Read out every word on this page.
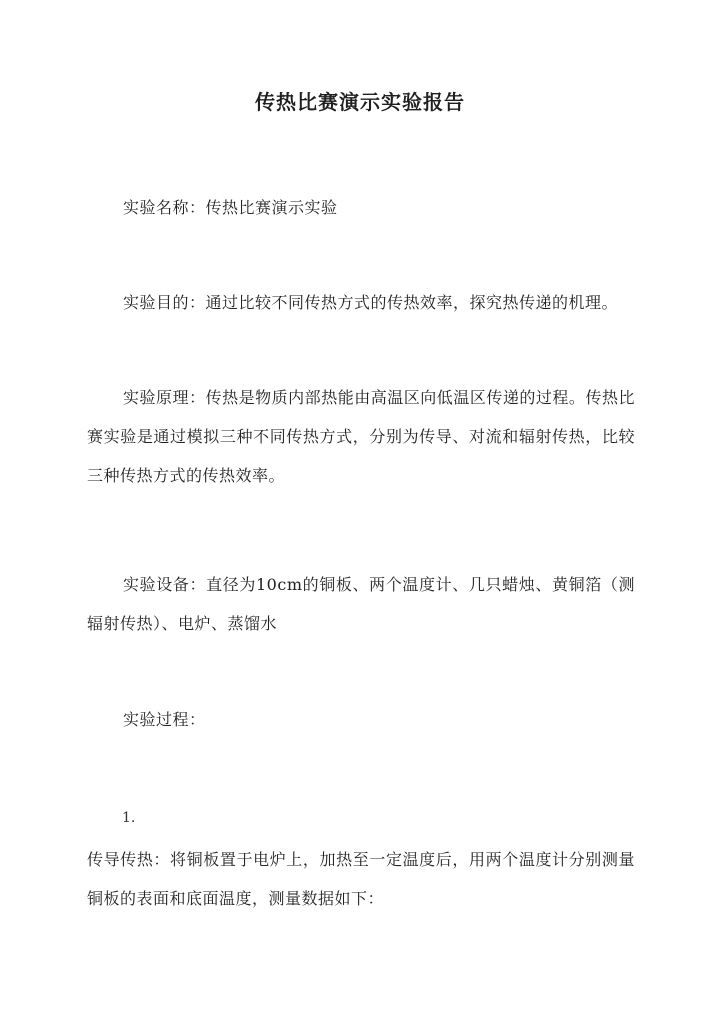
传热比赛演示实验报告

实验名称：传热比赛演示实验

实验目的：通过比较不同传热方式的传热效率，探究热传递的机理。

实验原理：传热是物质内部热能由高温区向低温区传递的过程。传热比赛实验是通过模拟三种不同传热方式，分别为传导、对流和辐射传热，比较三种传热方式的传热效率。

实验设备：直径为10cm的铜板、两个温度计、几只蜡烛、黄铜箔（测辐射传热）、电炉、蒸馏水

实验过程：

1.

传导传热：将铜板置于电炉上，加热至一定温度后，用两个温度计分别测量铜板的表面和底面温度，测量数据如下：
